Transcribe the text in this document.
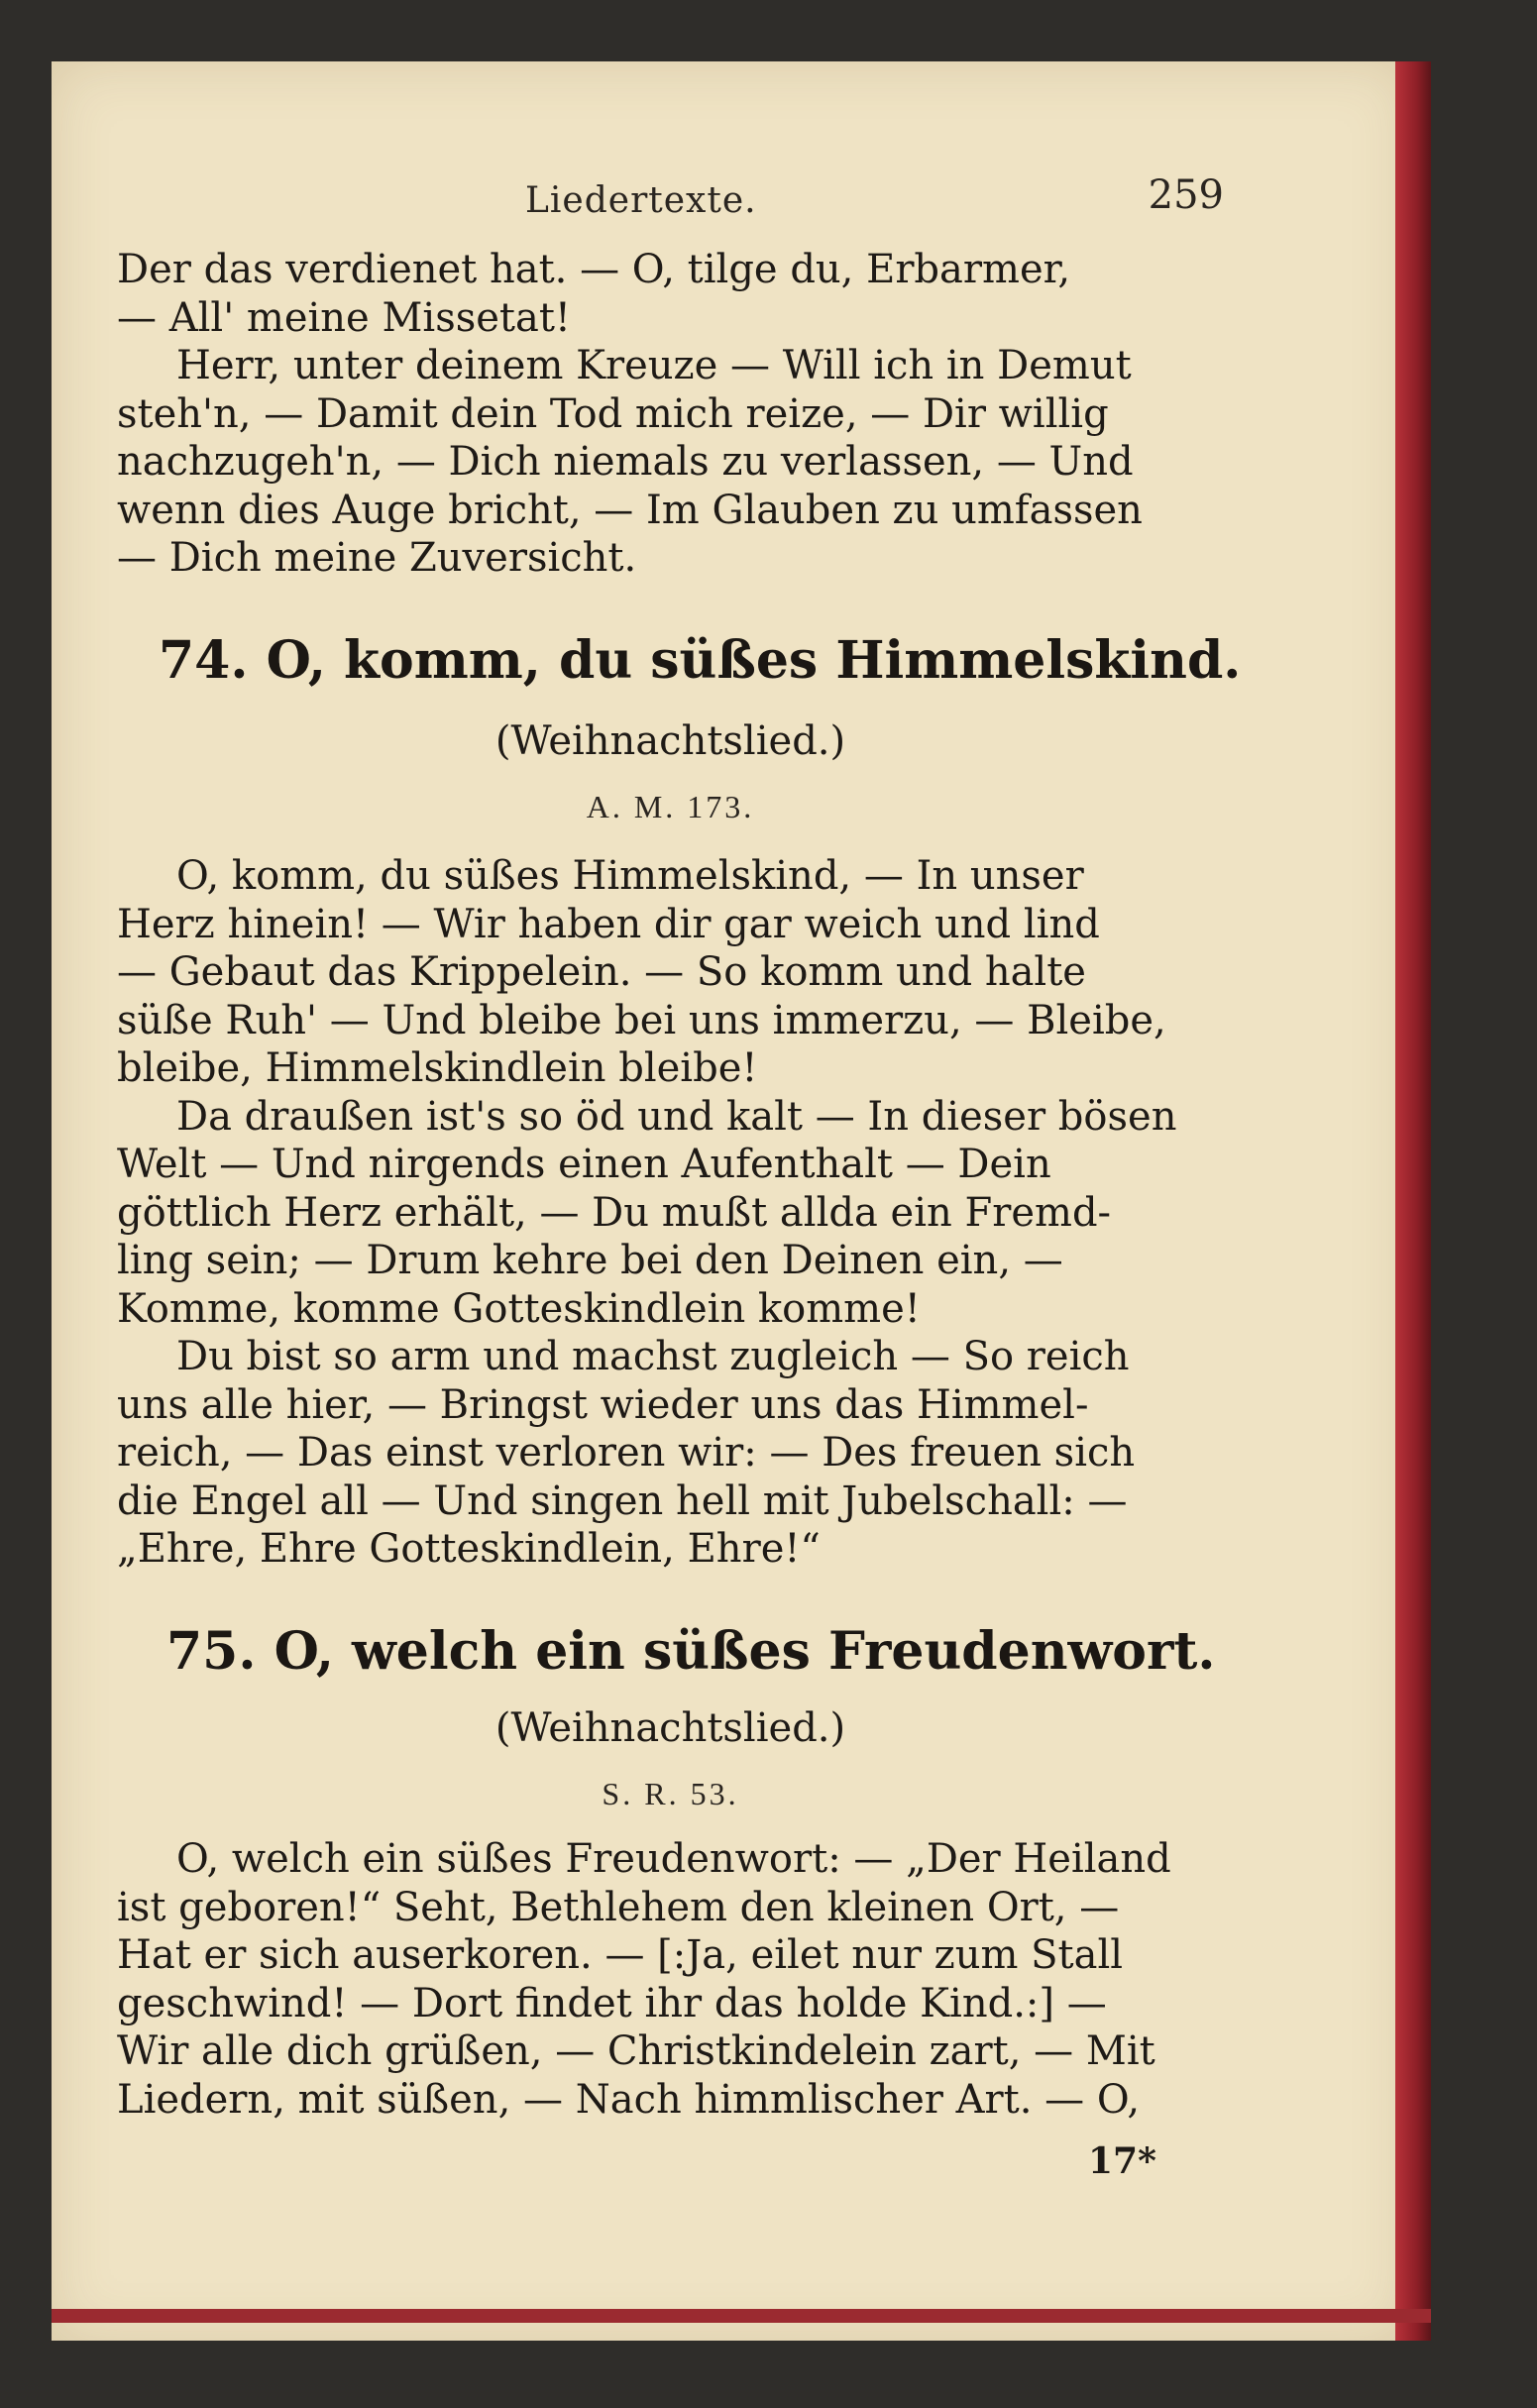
Liedertexte.	259
Der das verdienet hat. — O, tilge du, Erbarmer,
— All' meine Missetat!
Herr, unter deinem Kreuze — Will ich in Demut
steh'n, — Damit dein Tod mich reize, — Dir willig
nachzugeh'n, — Dich niemals zu verlassen, — Und
wenn dies Auge bricht, — Im Glauben zu umfassen
— Dich meine Zuversicht.
74. O, komm, du süßes Himmelskind.
(Weihnachtslied.)
A. M. 173.
O, komm, du süßes Himmelskind, — In unser
Herz hinein! — Wir haben dir gar weich und lind
— Gebaut das Krippelein. — So komm und halte
süße Ruh' — Und bleibe bei uns immerzu, — Bleibe,
bleibe, Himmelskindlein bleibe!
Da draußen ist's so öd und kalt — In dieser bösen
Welt — Und nirgends einen Aufenthalt — Dein
göttlich Herz erhält, — Du mußt allda ein Fremd-
ling sein; — Drum kehre bei den Deinen ein, —
Komme, komme Gotteskindlein komme!
Du bist so arm und machst zugleich — So reich
uns alle hier, — Bringst wieder uns das Himmel-
reich, — Das einst verloren wir: — Des freuen sich
die Engel all — Und singen hell mit Jubelschall: —
„Ehre, Ehre Gotteskindlein, Ehre!“
75. O, welch ein süßes Freudenwort.
(Weihnachtslied.)
S. R. 53.
O, welch ein süßes Freudenwort: — „Der Heiland
ist geboren!“ Seht, Bethlehem den kleinen Ort, —
Hat er sich auserkoren. — [:Ja, eilet nur zum Stall
geschwind! — Dort findet ihr das holde Kind.:] —
Wir alle dich grüßen, — Christkindelein zart, — Mit
Liedern, mit süßen, — Nach himmlischer Art. — O,
17*
